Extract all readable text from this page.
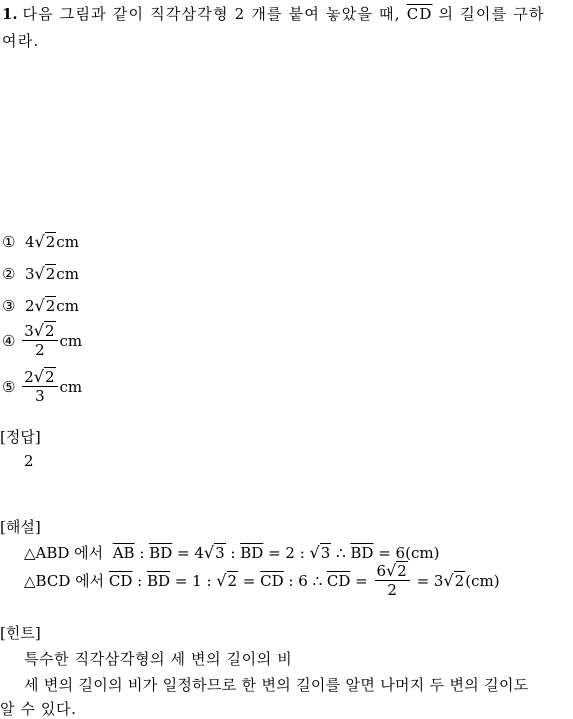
1. 다음 그림과 같이 직각삼각형 2 개를 붙여 놓았을 때, $\overline{CD}$ 의 길이를 구하
여라.
① 4√2cm
② 3√2cm
③ 2√2cm
④
$\frac{3√2}{2}$ cm
⑤
$\frac{2√2}{3}$ cm
[정답]
2
[해설]
△ABD 에서 $\overline{AB}$ : $\overline{BD} = 4√3$ : $\overline{BD} = 2$ : √3 ∴ $\overline{BD} = 6(cm)$
△BCD 에서
$\overline{CD}$ : $\overline{BD} = 1$ : $√2 = \overline{CD}$ : 6 ∴ $\overline{CD} = \frac{6√2}{2} = 3$ √2 (cm)
[힌트]
특수한 직각삼각형의 세 변의 길이의 비
세 변의 길이의 비가 일정하므로 한 변의 길이를 알면 나머지 두 변의 길이도
알 수 있다.
